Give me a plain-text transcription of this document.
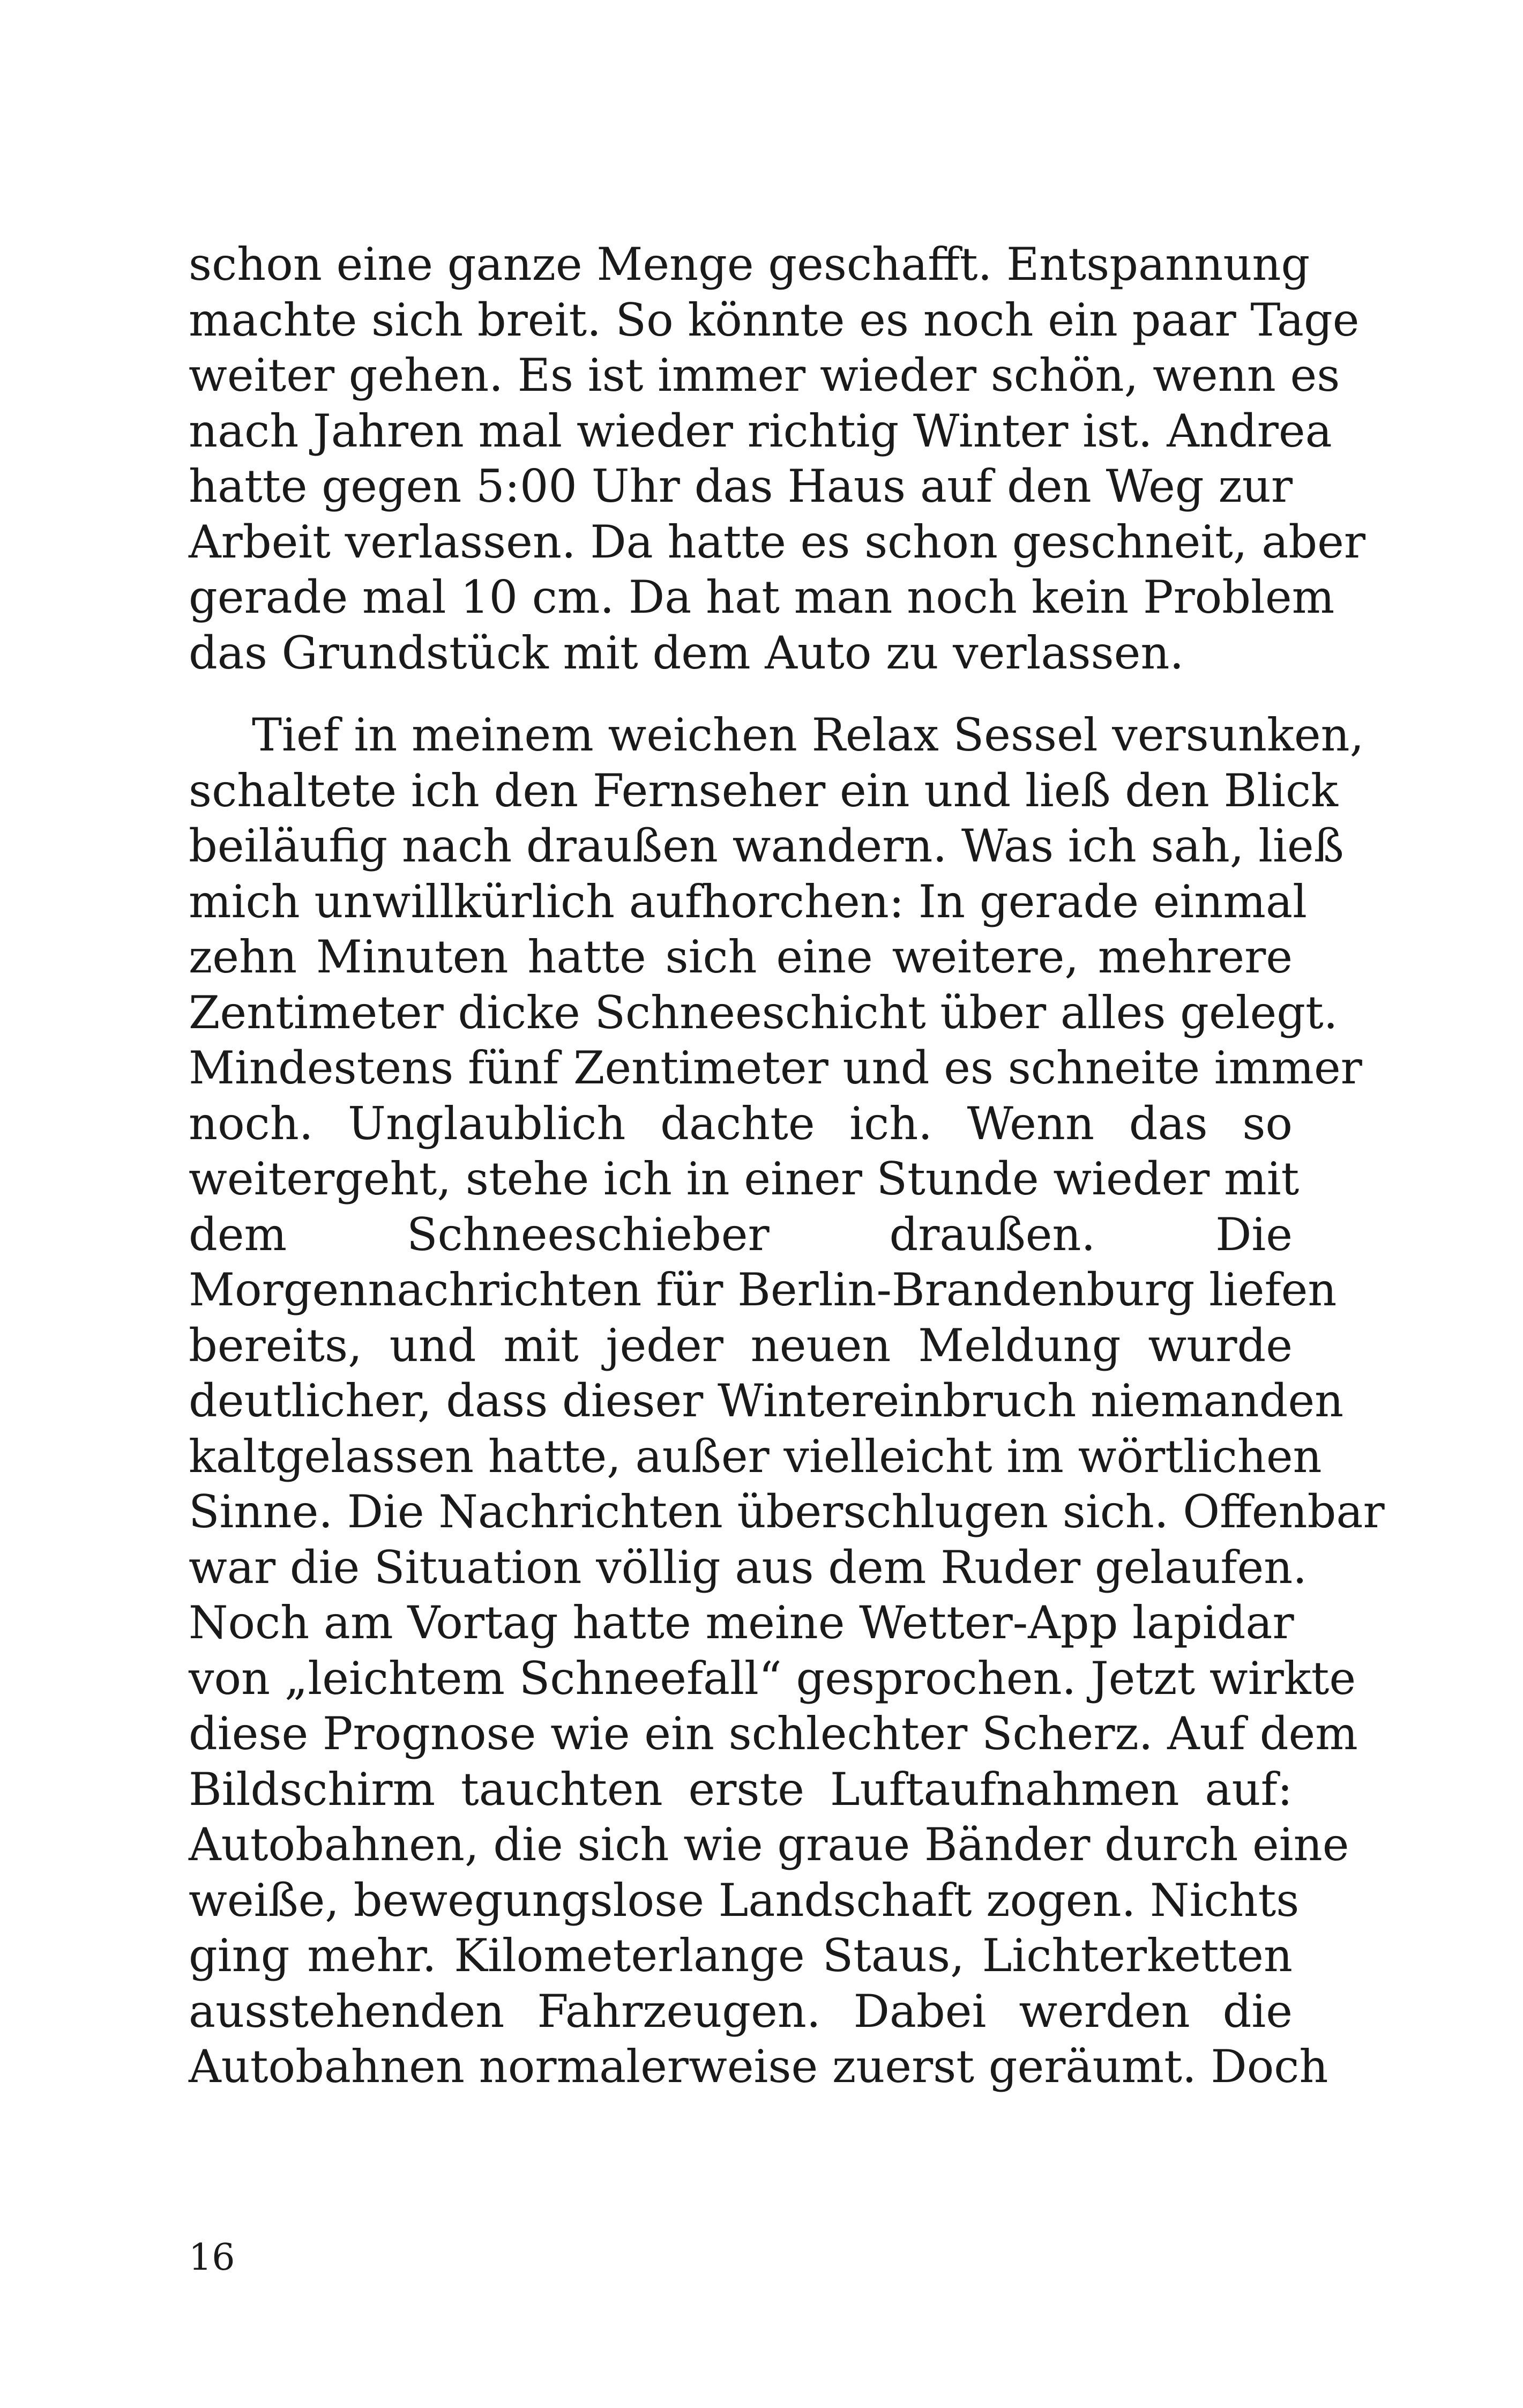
schon eine ganze Menge geschafft. Entspannung
machte sich breit. So könnte es noch ein paar Tage
weiter gehen. Es ist immer wieder schön, wenn es
nach Jahren mal wieder richtig Winter ist. Andrea
hatte gegen 5:00 Uhr das Haus auf den Weg zur
Arbeit verlassen. Da hatte es schon geschneit, aber
gerade mal 10 cm. Da hat man noch kein Problem
das Grundstück mit dem Auto zu verlassen.
Tief in meinem weichen Relax Sessel versunken,
schaltete ich den Fernseher ein und ließ den Blick
beiläufig nach draußen wandern. Was ich sah, ließ
mich unwillkürlich aufhorchen: In gerade einmal
zehn Minuten hatte sich eine weitere, mehrere
Zentimeter dicke Schneeschicht über alles gelegt.
Mindestens fünf Zentimeter und es schneite immer
noch. Unglaublich dachte ich. Wenn das so
weitergeht, stehe ich in einer Stunde wieder mit
dem Schneeschieber draußen. Die
Morgennachrichten für Berlin-Brandenburg liefen
bereits, und mit jeder neuen Meldung wurde
deutlicher, dass dieser Wintereinbruch niemanden
kaltgelassen hatte, außer vielleicht im wörtlichen
Sinne. Die Nachrichten überschlugen sich. Offenbar
war die Situation völlig aus dem Ruder gelaufen.
Noch am Vortag hatte meine Wetter-App lapidar
von „leichtem Schneefall“ gesprochen. Jetzt wirkte
diese Prognose wie ein schlechter Scherz. Auf dem
Bildschirm tauchten erste Luftaufnahmen auf:
Autobahnen, die sich wie graue Bänder durch eine
weiße, bewegungslose Landschaft zogen. Nichts
ging mehr. Kilometerlange Staus, Lichterketten
ausstehenden Fahrzeugen. Dabei werden die
Autobahnen normalerweise zuerst geräumt. Doch
16
